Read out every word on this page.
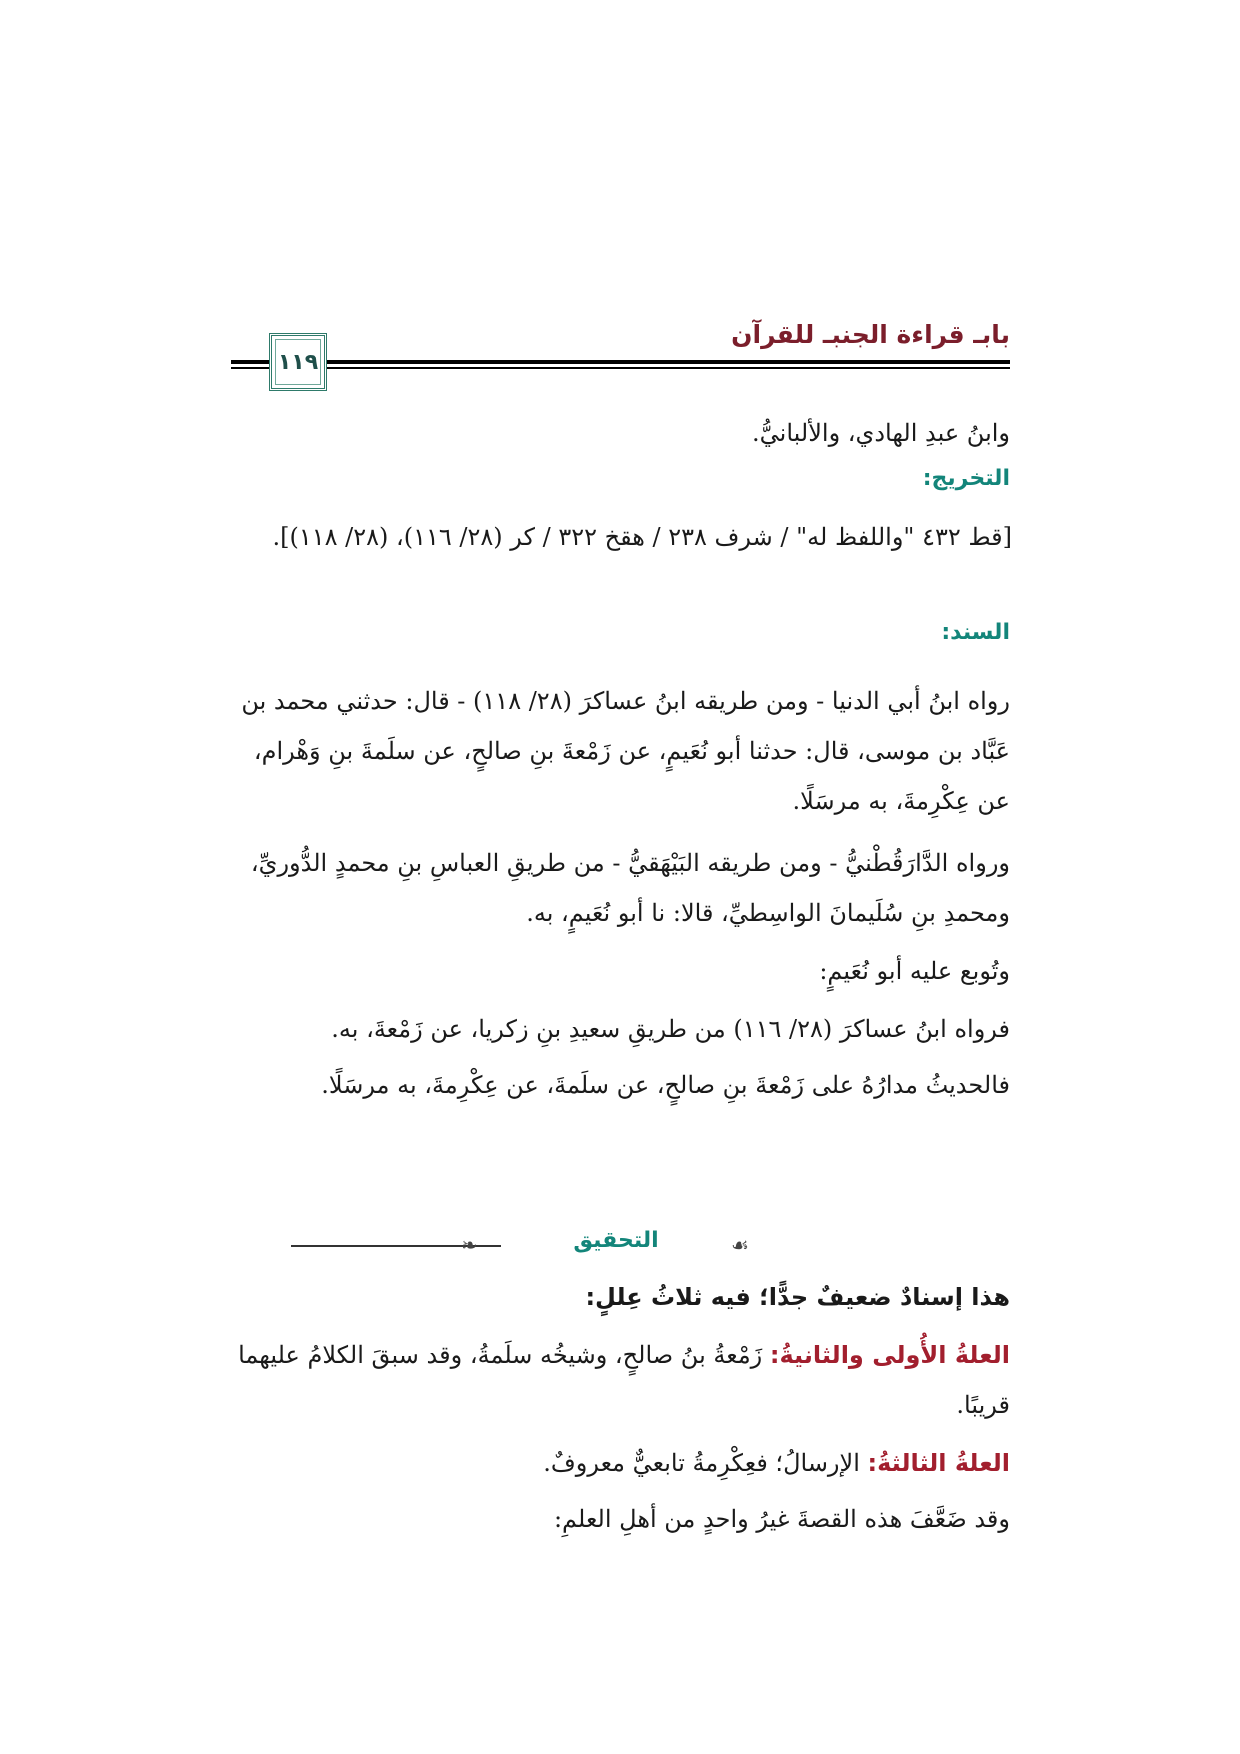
بابـ قراءة الجنبـ للقرآن
١١٩

وابنُ عبدِ الهادي، والألبانيُّ.

التخريج:

[قط ٤٣٢ "واللفظ له" / شرف ٢٣٨ / هقخ ٣٢٢ / كر (٢٨/ ١١٦)، (٢٨/ ١١٨)].

السند:

رواه ابنُ أبي الدنيا - ومن طريقه ابنُ عساكرَ (٢٨/ ١١٨) - قال: حدثني محمد بن عَبَّاد بن موسى، قال: حدثنا أبو نُعَيمٍ، عن زَمْعةَ بنِ صالحٍ، عن سلَمةَ بنِ وَهْرام، عن عِكْرِمةَ، به مرسَلًا.

ورواه الدَّارَقُطْنيُّ - ومن طريقه البَيْهَقيُّ - من طريقِ العباسِ بنِ محمدٍ الدُّوريِّ، ومحمدِ بنِ سُلَيمانَ الواسِطيِّ، قالا: نا أبو نُعَيمٍ، به.

وتُوبع عليه أبو نُعَيمٍ:

فرواه ابنُ عساكرَ (٢٨/ ١١٦) من طريقِ سعيدِ بنِ زكريا، عن زَمْعةَ، به.

فالحديثُ مدارُهُ على زَمْعةَ بنِ صالحٍ، عن سلَمةَ، عن عِكْرِمةَ، به مرسَلًا.

❧	التحقيق	☙

هذا إسنادٌ ضعيفٌ جدًّا؛ فيه ثلاثُ عِللٍ:

العلةُ الأُولى والثانيةُ: زَمْعةُ بنُ صالحٍ، وشيخُه سلَمةُ، وقد سبقَ الكلامُ عليهما قريبًا.

العلةُ الثالثةُ: الإرسالُ؛ فعِكْرِمةُ تابعيٌّ معروفٌ.

وقد ضَعَّفَ هذه القصةَ غيرُ واحدٍ من أهلِ العلمِ:
